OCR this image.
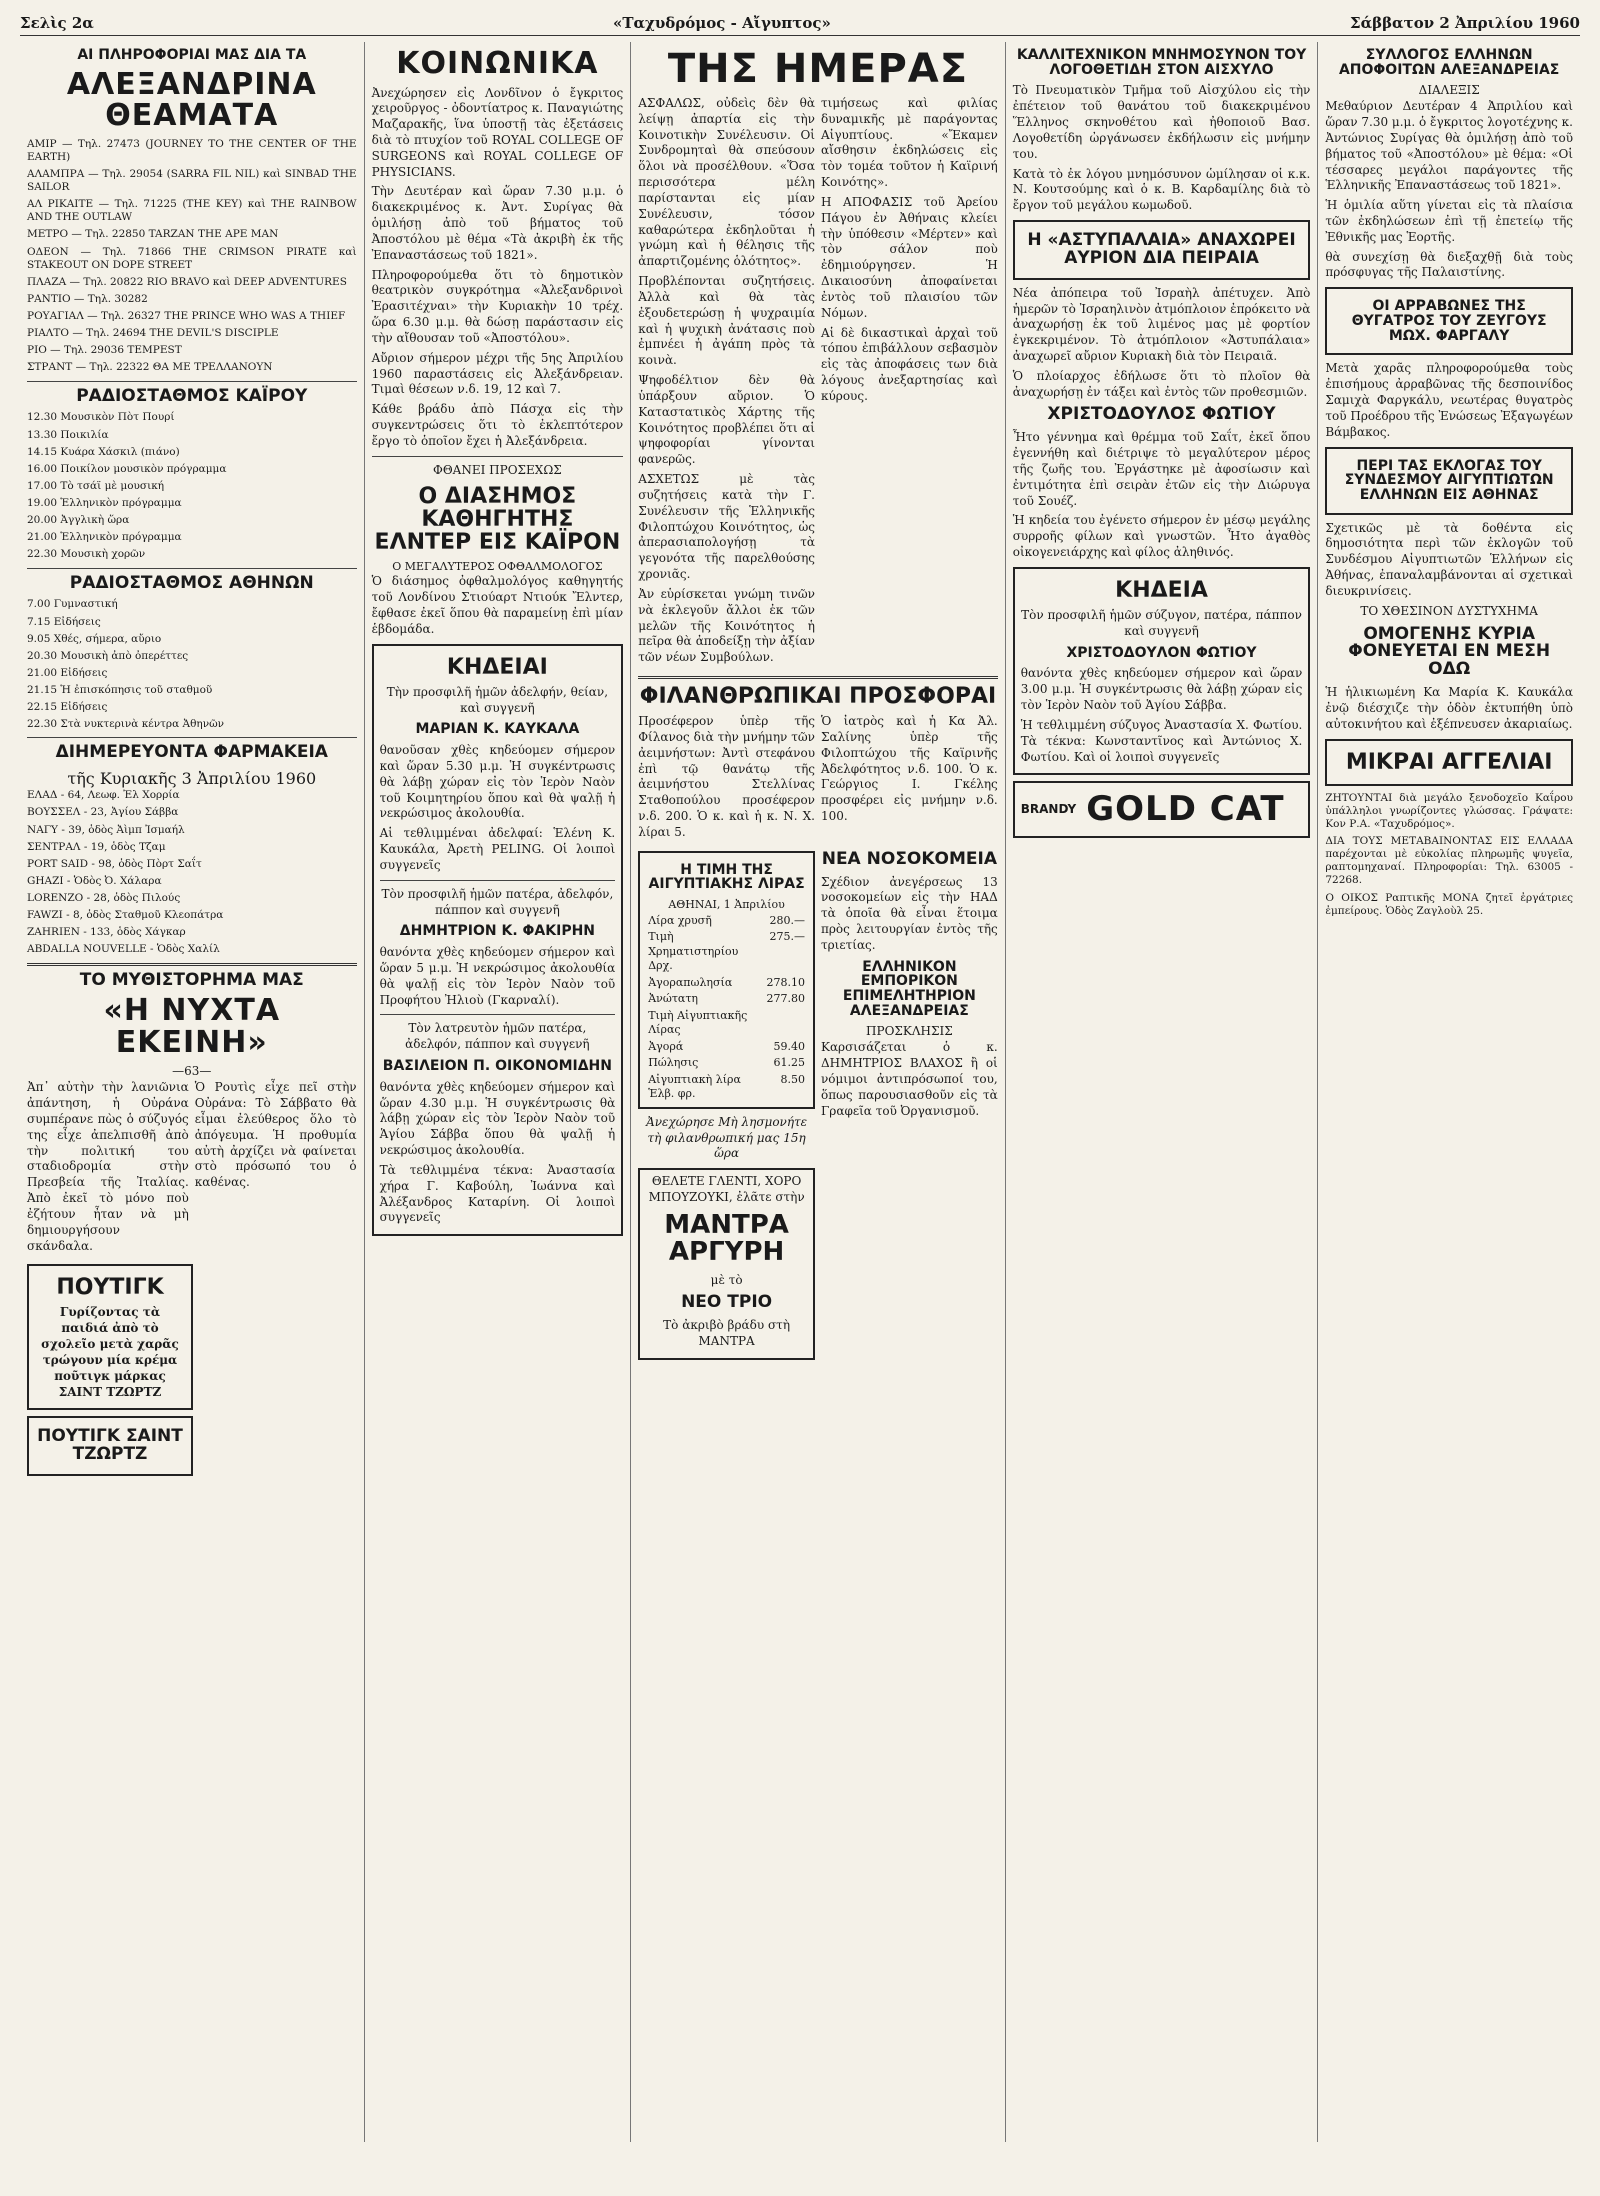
Σελὶς 2α	«Ταχυδρόμος - Αἴγυπτος»	Σάββατον 2 Ἀπριλίου 1960
ΑΙ ΠΛΗΡΟΦΟΡΙΑΙ ΜΑΣ ΔΙΑ ΤΑ
ΑΛΕΞΑΝΔΡΙΝΑ ΘΕΑΜΑΤΑ

ΑΜΙΡ — Τηλ. 27473 (JOURNEY TO THE CENTER OF THE EARTH)

ΑΛΑΜΠΡΑ — Τηλ. 29054 (SARRA FIL NIL) καὶ SINBAD THE SAILOR

ΑΛ ΡΙΚΑΙΤΕ — Τηλ. 71225 (THE KEY) καὶ THE RAINBOW AND THE OUTLAW

ΜΕΤΡΟ — Τηλ. 22850 TARZAN THE APE MAN

ΟΔΕΟΝ — Τηλ. 71866 THE CRIMSON PIRATE καὶ STAKEOUT ON DOPE STREET

ΠΛΑΖΑ — Τηλ. 20822 RIO BRAVO καὶ DEEP ADVENTURES

ΡΑΝΤΙΟ — Τηλ. 30282

ΡΟΥΑΓΙΑΛ — Τηλ. 26327 THE PRINCE WHO WAS A THIEF

ΡΙΑΛΤΟ — Τηλ. 24694 THE DEVIL'S DISCIPLE

ΡΙΟ — Τηλ. 29036 TEMPEST

ΣΤΡΑΝΤ — Τηλ. 22322 ΘΑ ΜΕ ΤΡΕΛΛΑΝΟΥΝ

ΡΑΔΙΟΣΤΑΘΜΟΣ ΚΑΪΡΟΥ

12.30 Μουσικὸν Πὸτ Πουρί

13.30 Ποικιλία

14.15 Κυάρα Χάσκιλ (πιάνο)

16.00 Ποικίλον μουσικὸν πρόγραμμα

17.00 Τὸ τσάϊ μὲ μουσική

19.00 Ἑλληνικὸν πρόγραμμα

20.00 Ἀγγλικὴ ὥρα

21.00 Ἑλληνικὸν πρόγραμμα

22.30 Μουσικὴ χορῶν

ΡΑΔΙΟΣΤΑΘΜΟΣ ΑΘΗΝΩΝ

7.00 Γυμναστική

7.15 Εἰδήσεις

9.05 Χθές, σήμερα, αὔριο

20.30 Μουσικὴ ἀπὸ ὀπερέττες

21.00 Εἰδήσεις

21.15 Ἡ ἐπισκόπησις τοῦ σταθμοῦ

22.15 Εἰδήσεις

22.30 Στὰ νυκτερινὰ κέντρα Ἀθηνῶν

ΔΙΗΜΕΡΕΥΟΝΤΑ ΦΑΡΜΑΚΕΙΑ
τῆς Κυριακῆς 3 Ἀπριλίου 1960

ΕΛΑΔ - 64, Λεωφ. Ἐλ Χορρία

ΒΟΥΣΣΕΛ - 23, Ἀγίου Σάββα

ΝΑΓΥ - 39, ὁδὸς Ἀὶμπ Ἰσμαήλ

ΣΕΝΤΡΑΛ - 19, ὁδὸς Τζαμ

PORT SAID - 98, ὁδὸς Πὸρτ Σαΐτ

GHAZI - Ὁδὸς Ὀ. Χάλαρα

LORENZO - 28, ὁδὸς Πιλούς

FAWZI - 8, ὁδὸς Σταθμοῦ Κλεοπάτρα

ZAHRIEN - 133, ὁδὸς Χάγκαρ

ABDALLA NOUVELLE - Ὁδὸς Χαλίλ

ΤΟ ΜΥΘΙΣΤΟΡΗΜΑ ΜΑΣ
«Η ΝΥΧΤΑ ΕΚΕΙΝΗ»
—63—

Ἀπ᾽ αὐτὴν τὴν λανιῶνια ἀπάντηση, ἡ Οὐράνα συμπέρανε πὼς ὁ σύζυγός της εἶχε ἀπελπισθῆ ἀπὸ τὴν πολιτική του σταδιοδρομία στὴν Πρεσβεία τῆς Ἰταλίας. Ἀπὸ ἐκεῖ τὸ μόνο ποὺ ἐζήτουν ἦταν νὰ μὴ δημιουργήσουν σκάνδαλα.

Ὁ Ρουτὶς εἶχε πεῖ στὴν Οὐράνα: Τὸ Σάββατο θὰ εἶμαι ἐλεύθερος ὅλο τὸ ἀπόγευμα. Ἡ προθυμία αὐτὴ ἀρχίζει νὰ φαίνεται στὸ πρόσωπό του ὁ καθένας.

ΠΟΥΤΙΓΚ

Γυρίζοντας τὰ παιδιά ἀπὸ τὸ σχολεῖο μετὰ χαρᾶς τρώγουν μία κρέμα ποῦτιγκ μάρκας ΣΑΙΝΤ ΤΖΩΡΤΖ

ΠΟΥΤΙΓΚ ΣΑΙΝΤ ΤΖΩΡΤΖ
ΚΟΙΝΩΝΙΚΑ

Ἀνεχώρησεν εἰς Λονδῖνον ὁ ἔγκριτος χειροῦργος - ὀδοντίατρος κ. Παναγιώτης Μαζαρακῆς, ἵνα ὑποστῇ τὰς ἐξετάσεις διὰ τὸ πτυχίον τοῦ ROYAL COLLEGE OF SURGEONS καὶ ROYAL COLLEGE OF PHYSICIANS.

Τὴν Δευτέραν καὶ ὥραν 7.30 μ.μ. ὁ διακεκριμένος κ. Ἀντ. Συρίγας θὰ ὁμιλήσῃ ἀπὸ τοῦ βήματος τοῦ Ἀποστόλου μὲ θέμα «Τὰ ἀκριβὴ ἐκ τῆς Ἐπαναστάσεως τοῦ 1821».

Πληροφορούμεθα ὅτι τὸ δημοτικὸν θεατρικὸν συγκρότημα «Ἀλεξανδρινοὶ Ἐρασιτέχναι» τὴν Κυριακὴν 10 τρέχ. ὥρα 6.30 μ.μ. θὰ δώσῃ παράστασιν εἰς τὴν αἴθουσαν τοῦ «Ἀποστόλου».

Αὔριον σήμερον μέχρι τῆς 5ης Ἀπριλίου 1960 παραστάσεις εἰς Ἀλεξάνδρειαν. Τιμαὶ θέσεων ν.δ. 19, 12 καὶ 7.

Κάθε βράδυ ἀπὸ Πάσχα εἰς τὴν συγκεντρώσεις ὅτι τὸ ἐκλεπτότερον ἔργο τὸ ὁποῖον ἔχει ἡ Ἀλεξάνδρεια.

ΦΘΑΝΕΙ ΠΡΟΣΕΧΩΣ
Ο ΔΙΑΣΗΜΟΣ ΚΑΘΗΓΗΤΗΣ ΕΛΝΤΕΡ ΕΙΣ ΚΑΪΡΟΝ
Ο ΜΕΓΑΛΥΤΕΡΟΣ ΟΦΘΑΛΜΟΛΟΓΟΣ

Ὁ διάσημος ὀφθαλμολόγος καθηγητής τοῦ Λονδίνου Στιούαρτ Ντιούκ Ἔλντερ, ἔφθασε ἐκεῖ ὅπου θὰ παραμείνῃ ἐπὶ μίαν ἑβδομάδα.

ΚΗΔΕΙΑΙ

Τὴν προσφιλῆ ἡμῶν ἀδελφήν, θείαν, καὶ συγγενῆ

ΜΑΡΙΑΝ Κ. ΚΑΥΚΑΛΑ

θανοῦσαν χθὲς κηδεύομεν σήμερον καὶ ὥραν 5.30 μ.μ. Ἡ συγκέντρωσις θὰ λάβῃ χώραν εἰς τὸν Ἱερὸν Ναὸν τοῦ Κοιμητηρίου ὅπου καὶ θὰ ψαλῇ ἡ νεκρώσιμος ἀκολουθία.

Αἱ τεθλιμμέναι ἀδελφαί: Ἑλένη Κ. Καυκάλα, Ἀρετὴ PELING. Οἱ λοιποὶ συγγενεῖς

Τὸν προσφιλῆ ἡμῶν πατέρα, ἀδελφόν, πάππον καὶ συγγενῆ

ΔΗΜΗΤΡΙΟΝ Κ. ΦΑΚΙΡΗΝ

θανόντα χθὲς κηδεύομεν σήμερον καὶ ὥραν 5 μ.μ. Ἡ νεκρώσιμος ἀκολουθία θὰ ψαλῇ εἰς τὸν Ἱερὸν Ναὸν τοῦ Προφήτου Ἠλιοὺ (Γκαρναλί).

Τὸν λατρευτὸν ἡμῶν πατέρα, ἀδελφόν, πάππον καὶ συγγενῆ

ΒΑΣΙΛΕΙΟΝ Π. ΟΙΚΟΝΟΜΙΔΗΝ

θανόντα χθὲς κηδεύομεν σήμερον καὶ ὥραν 4.30 μ.μ. Ἡ συγκέντρωσις θὰ λάβῃ χώραν εἰς τὸν Ἱερὸν Ναὸν τοῦ Ἁγίου Σάββα ὅπου θὰ ψαλῇ ἡ νεκρώσιμος ἀκολουθία.

Τὰ τεθλιμμένα τέκνα: Ἀναστασία χήρα Γ. Καβούλη, Ἰωάννα καὶ Ἀλέξανδρος Καταρίνη. Οἱ λοιποὶ συγγενεῖς

ΤΗΣ ΗΜΕΡΑΣ

ΑΣΦΑΛΩΣ, οὐδεὶς δὲν θὰ λείψῃ ἀπαρτία εἰς τὴν Κοινοτικὴν Συνέλευσιν. Οἱ Συνδρομηταὶ θὰ σπεύσουν ὅλοι νὰ προσέλθουν. «Ὅσα περισσότερα μέλη παρίστανται εἰς μίαν Συνέλευσιν, τόσον καθαρώτερα ἐκδηλοῦται ἡ γνώμη καὶ ἡ θέλησις τῆς ἀπαρτιζομένης ὁλότητος».

Προβλέπονται συζητήσεις. Ἀλλὰ καὶ θὰ τὰς ἐξουδετερώσῃ ἡ ψυχραιμία καὶ ἡ ψυχικὴ ἀνάτασις ποὺ ἐμπνέει ἡ ἀγάπη πρὸς τὰ κοινὰ.

Ψηφοδέλτιον δὲν θὰ ὑπάρξουν αὔριον. Ὁ Καταστατικὸς Χάρτης τῆς Κοινότητος προβλέπει ὅτι αἱ ψηφοφορίαι γίνονται φανερῶς.

ΑΣΧΕΤΩΣ μὲ τὰς συζητήσεις κατὰ τὴν Γ. Συνέλευσιν τῆς Ἑλληνικῆς Φιλοπτώχου Κοινότητος, ὡς ἀπερασιαπολογήσῃ τὰ γεγονότα τῆς παρελθούσης χρονιᾶς.

Ἀν εὑρίσκεται γνώμη τινῶν νὰ ἐκλεγοῦν ἄλλοι ἐκ τῶν μελῶν τῆς Κοινότητος ἡ πεῖρα θὰ ἀποδείξῃ τὴν ἀξίαν τῶν νέων Συμβούλων.

τιμήσεως καὶ φιλίας δυναμικῆς μὲ παράγοντας Αἰγυπτίους. «Ἔκαμεν αἴσθησιν ἐκδηλώσεις εἰς τὸν τομέα τοῦτον ἡ Καϊρινή Κοινότης».

Η ΑΠΟΦΑΣΙΣ τοῦ Ἀρείου Πάγου ἐν Ἀθήναις κλείει τὴν ὑπόθεσιν «Μέρτεν» καὶ τὸν σάλον ποὺ ἐδημιούργησεν. Ἡ Δικαιοσύνη ἀποφαίνεται ἐντὸς τοῦ πλαισίου τῶν Νόμων.

Αἱ δὲ δικαστικαὶ ἀρχαὶ τοῦ τόπου ἐπιβάλλουν σεβασμὸν εἰς τὰς ἀποφάσεις των διὰ λόγους ἀνεξαρτησίας καὶ κύρους.

ΦΙΛΑΝΘΡΩΠΙΚΑΙ ΠΡΟΣΦΟΡΑΙ

Προσέφερον ὑπὲρ τῆς Φίλανος διὰ τὴν μνήμην τῶν ἀειμνήστων: Ἀντὶ στεφάνου ἐπὶ τῷ θανάτῳ τῆς ἀειμνήστου Στελλίνας Σταθοπούλου προσέφερον ν.δ. 200. Ὁ κ. καὶ ἡ κ. Ν. Χ. λίραι 5.

Ὁ ἰατρὸς καὶ ἡ Κα Ἀλ. Σαλίνης ὑπὲρ τῆς Φιλοπτώχου τῆς Καϊρινῆς Ἀδελφότητος ν.δ. 100. Ὁ κ. Γεώργιος Ι. Γκέλης προσφέρει εἰς μνήμην ν.δ. 100.

Η ΤΙΜΗ ΤΗΣ ΑΙΓΥΠΤΙΑΚΗΣ ΛΙΡΑΣ
ΑΘΗΝΑΙ, 1 Ἀπριλίου
Λίρα χρυσῆ	280.—
Τιμὴ Χρηματιστηρίου Δρχ.	275.—
Ἀγοραπωλησία	278.10
Ἀνώτατη	277.80
Τιμὴ Αἰγυπτιακῆς Λίρας	
Ἀγορά	59.40
Πώλησις	61.25
Αἰγυπτιακὴ λίρα Ἑλβ. φρ.	8.50
Ἀνεχώρησε Μὴ λησμονήτε τὴ φιλανθρωπική μας 15η ὥρα

ΘΕΛΕΤΕ ΓΛΕΝΤΙ, ΧΟΡΟ ΜΠΟΥΖΟΥΚΙ, ἐλᾶτε στὴν

ΜΑΝΤΡΑ ΑΡΓΥΡΗ
μὲ τὸ
ΝΕΟ ΤΡΙΟ

Τὸ ἀκριβὸ βράδυ στὴ ΜΑΝΤΡΑ

ΝΕΑ ΝΟΣΟΚΟΜΕΙΑ

Σχέδιον ἀνεγέρσεως 13 νοσοκομείων εἰς τὴν ΗΑΔ τὰ ὁποῖα θὰ εἶναι ἕτοιμα πρὸς λειτουργίαν ἐντὸς τῆς τριετίας.

ΕΛΛΗΝΙΚΟΝ ΕΜΠΟΡΙΚΟΝ ΕΠΙΜΕΛΗΤΗΡΙΟΝ ΑΛΕΞΑΝΔΡΕΙΑΣ
ΠΡΟΣΚΛΗΣΙΣ

Καρσισάζεται ὁ κ. ΔΗΜΗΤΡΙΟΣ ΒΛΑΧΟΣ ἢ οἱ νόμιμοι ἀντιπρόσωποί του, ὅπως παρουσιασθοῦν εἰς τὰ Γραφεῖα τοῦ Ὀργανισμοῦ.

ΚΑΛΛΙΤΕΧΝΙΚΟΝ ΜΝΗΜΟΣΥΝΟΝ ΤΟΥ ΛΟΓΟΘΕΤΙΔΗ ΣΤΟΝ ΑΙΣΧΥΛΟ

Τὸ Πνευματικὸν Τμῆμα τοῦ Αἰσχύλου εἰς τὴν ἐπέτειον τοῦ θανάτου τοῦ διακεκριμένου Ἕλληνος σκηνοθέτου καὶ ἠθοποιοῦ Βασ. Λογοθετίδη ὠργάνωσεν ἐκδήλωσιν εἰς μνήμην του.

Κατὰ τὸ ἐκ λόγου μνημόσυνον ὡμίλησαν οἱ κ.κ. Ν. Κουτσούμης καὶ ὁ κ. Β. Καρδαμίλης διὰ τὸ ἔργον τοῦ μεγάλου κωμωδοῦ.

Η «ΑΣΤΥΠΑΛΑΙΑ» ΑΝΑΧΩΡΕΙ ΑΥΡΙΟΝ ΔΙΑ ΠΕΙΡΑΙΑ

Νέα ἀπόπειρα τοῦ Ἰσραὴλ ἀπέτυχεν. Ἀπὸ ἡμερῶν τὸ Ἰσραηλινὸν ἀτμόπλοιον ἐπρόκειτο νὰ ἀναχωρήσῃ ἐκ τοῦ λιμένος μας μὲ φορτίον ἐγκεκριμένον. Τὸ ἀτμόπλοιον «Ἀστυπάλαια» ἀναχωρεῖ αὔριον Κυριακὴ διὰ τὸν Πειραιᾶ.

Ὁ πλοίαρχος ἐδήλωσε ὅτι τὸ πλοῖον θὰ ἀναχωρήσῃ ἐν τάξει καὶ ἐντὸς τῶν προθεσμιῶν.

ΧΡΙΣΤΟΔΟΥΛΟΣ ΦΩΤΙΟΥ

Ἦτο γέννημα καὶ θρέμμα τοῦ Σαΐτ, ἐκεῖ ὅπου ἐγεννήθη καὶ διέτριψε τὸ μεγαλύτερον μέρος τῆς ζωῆς του. Ἐργάστηκε μὲ ἀφοσίωσιν καὶ ἐντιμότητα ἐπὶ σειρὰν ἐτῶν εἰς τὴν Διώρυγα τοῦ Σουέζ.

Ἡ κηδεία του ἐγένετο σήμερον ἐν μέσῳ μεγάλης συρροῆς φίλων καὶ γνωστῶν. Ἦτο ἀγαθὸς οἰκογενειάρχης καὶ φίλος ἀληθινός.

ΚΗΔΕΙΑ

Τὸν προσφιλῆ ἡμῶν σύζυγον, πατέρα, πάππον καὶ συγγενῆ

ΧΡΙΣΤΟΔΟΥΛΟΝ ΦΩΤΙΟΥ

θανόντα χθὲς κηδεύομεν σήμερον καὶ ὥραν 3.00 μ.μ. Ἡ συγκέντρωσις θὰ λάβῃ χώραν εἰς τὸν Ἱερὸν Ναὸν τοῦ Ἁγίου Σάββα.

Ἡ τεθλιμμένη σύζυγος Ἀναστασία Χ. Φωτίου. Τὰ τέκνα: Κωνσταντῖνος καὶ Ἀντώνιος Χ. Φωτίου. Καὶ οἱ λοιποὶ συγγενεῖς

BRANDY GOLD CAT
ΣΥΛΛΟΓΟΣ ΕΛΛΗΝΩΝ ΑΠΟΦΟΙΤΩΝ ΑΛΕΞΑΝΔΡΕΙΑΣ
ΔΙΑΛΕΞΙΣ

Μεθαύριον Δευτέραν 4 Ἀπριλίου καὶ ὥραν 7.30 μ.μ. ὁ ἔγκριτος λογοτέχνης κ. Ἀντώνιος Συρίγας θὰ ὁμιλήσῃ ἀπὸ τοῦ βήματος τοῦ «Ἀποστόλου» μὲ θέμα: «Οἱ τέσσαρες μεγάλοι παράγοντες τῆς Ἑλληνικῆς Ἐπαναστάσεως τοῦ 1821».

Ἡ ὁμιλία αὕτη γίνεται εἰς τὰ πλαίσια τῶν ἐκδηλώσεων ἐπὶ τῇ ἐπετείῳ τῆς Ἐθνικῆς μας Ἑορτῆς.

θὰ συνεχίσῃ θὰ διεξαχθῇ διὰ τοὺς πρόσφυγας τῆς Παλαιστίνης.

ΟΙ ΑΡΡΑΒΩΝΕΣ ΤΗΣ ΘΥΓΑΤΡΟΣ ΤΟΥ ΖΕΥΓΟΥΣ ΜΩΧ. ΦΑΡΓΑΛΥ

Μετὰ χαρᾶς πληροφορούμεθα τοὺς ἐπισήμους ἀρραβῶνας τῆς δεσποινίδος Σαμιχὰ Φαργκάλυ, νεωτέρας θυγατρὸς τοῦ Προέδρου τῆς Ἐνώσεως Ἐξαγωγέων Βάμβακος.

ΠΕΡΙ ΤΑΣ ΕΚΛΟΓΑΣ ΤΟΥ ΣΥΝΔΕΣΜΟΥ ΑΙΓΥΠΤΙΩΤΩΝ ΕΛΛΗΝΩΝ ΕΙΣ ΑΘΗΝΑΣ

Σχετικῶς μὲ τὰ δοθέντα εἰς δημοσιότητα περὶ τῶν ἐκλογῶν τοῦ Συνδέσμου Αἰγυπτιωτῶν Ἑλλήνων εἰς Ἀθήνας, ἐπαναλαμβάνονται αἱ σχετικαὶ διευκρινίσεις.

ΤΟ ΧΘΕΣΙΝΟΝ ΔΥΣΤΥΧΗΜΑ
ΟΜΟΓΕΝΗΣ ΚΥΡΙΑ ΦΟΝΕΥΕΤΑΙ ΕΝ ΜΕΣΗ ΟΔΩ

Ἡ ἡλικιωμένη Κα Μαρία Κ. Καυκάλα ἐνῷ διέσχιζε τὴν ὁδὸν ἐκτυπήθη ὑπὸ αὐτοκινήτου καὶ ἐξέπνευσεν ἀκαριαίως.

ΜΙΚΡΑΙ ΑΓΓΕΛΙΑΙ

ΖΗΤΟΥΝΤΑΙ διὰ μεγάλο ξενοδοχεῖο Καΐρου ὑπάλληλοι γνωρίζοντες γλώσσας. Γράψατε: Κον Ρ.Α. «Ταχυδρόμος».

ΔΙΑ ΤΟΥΣ ΜΕΤΑΒΑΙΝΟΝΤΑΣ ΕΙΣ ΕΛΛΑΔΑ παρέχονται μὲ εὐκολίας πληρωμῆς ψυγεῖα, ραπτομηχαναί. Πληροφορίαι: Τηλ. 63005 - 72268.

Ο ΟΙΚΟΣ Ραπτικῆς ΜΟΝΑ ζητεῖ ἐργάτριες ἐμπείρους. Ὁδὸς Ζαγλοὺλ 25.
